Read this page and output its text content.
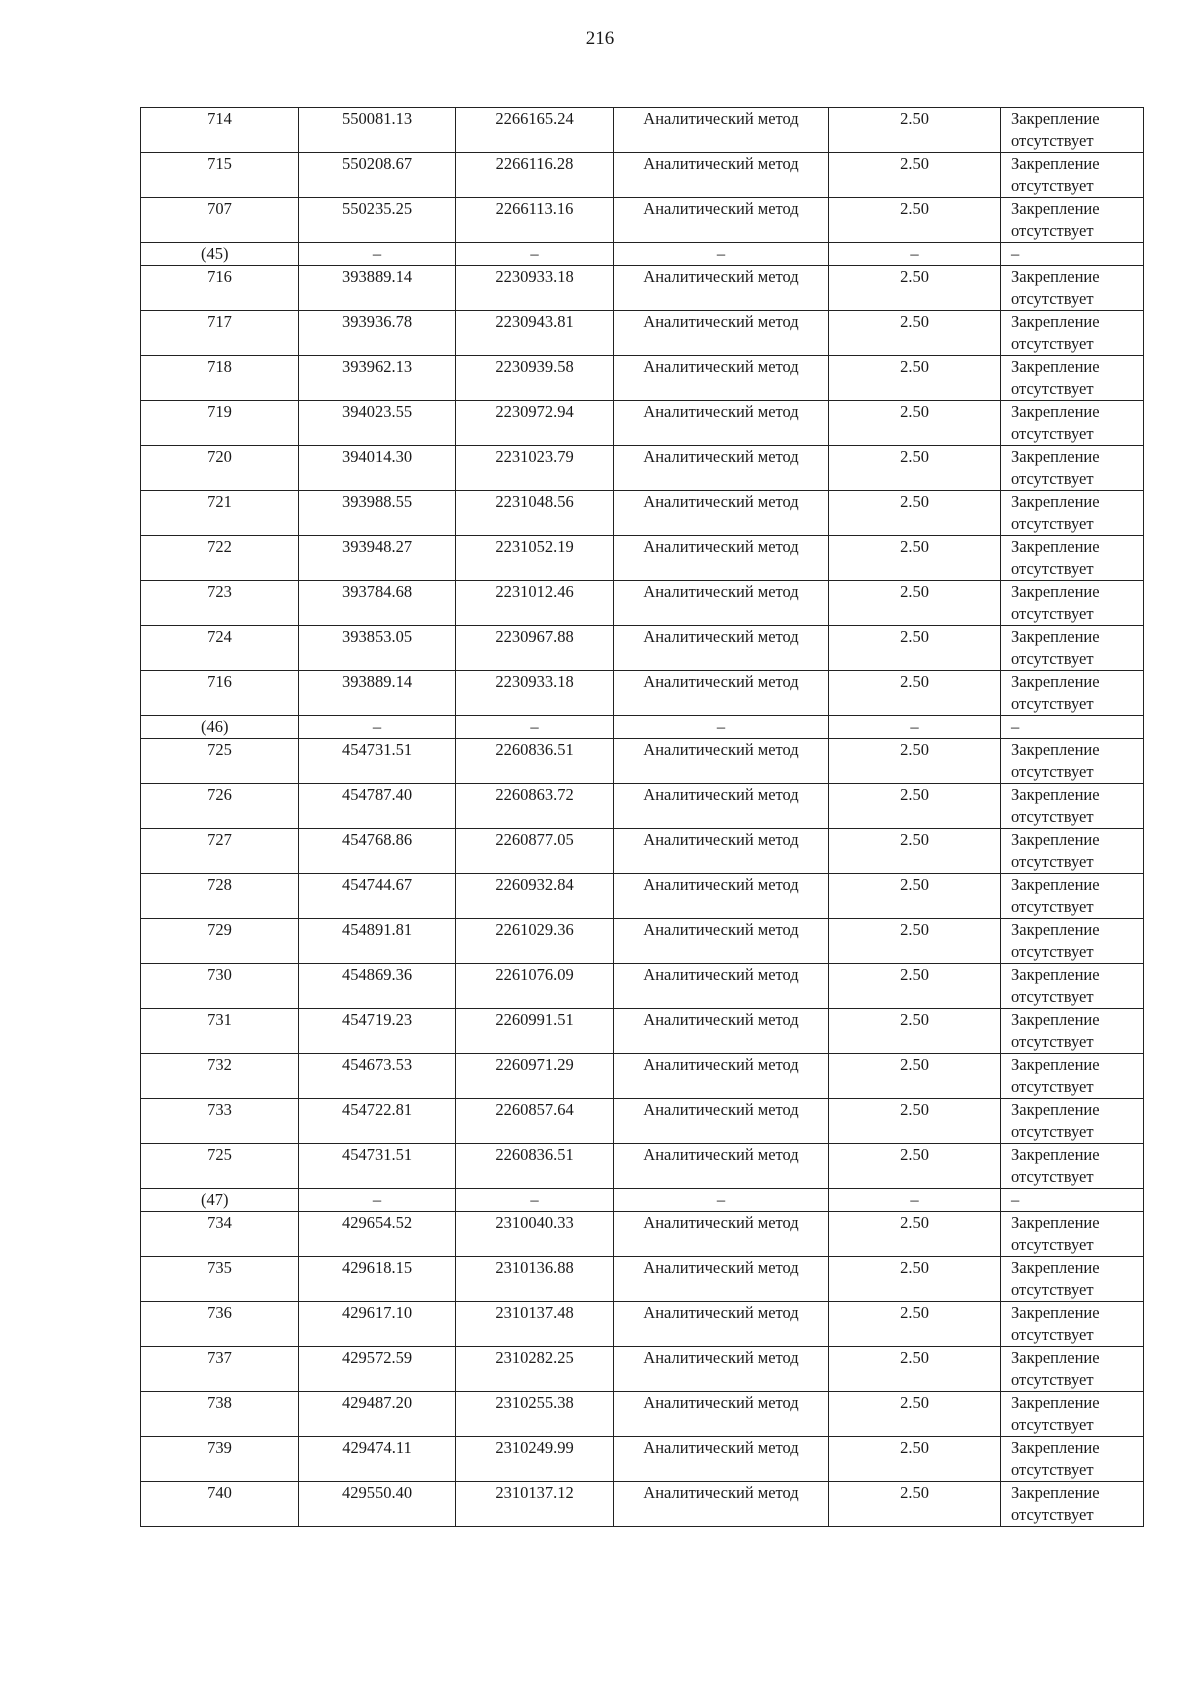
216
714	550081.13	2266165.24	Аналитический метод	2.50	Закрепление отсутствует
715	550208.67	2266116.28	Аналитический метод	2.50	Закрепление отсутствует
707	550235.25	2266113.16	Аналитический метод	2.50	Закрепление отсутствует
(45)	–	–	–	–	–
716	393889.14	2230933.18	Аналитический метод	2.50	Закрепление отсутствует
717	393936.78	2230943.81	Аналитический метод	2.50	Закрепление отсутствует
718	393962.13	2230939.58	Аналитический метод	2.50	Закрепление отсутствует
719	394023.55	2230972.94	Аналитический метод	2.50	Закрепление отсутствует
720	394014.30	2231023.79	Аналитический метод	2.50	Закрепление отсутствует
721	393988.55	2231048.56	Аналитический метод	2.50	Закрепление отсутствует
722	393948.27	2231052.19	Аналитический метод	2.50	Закрепление отсутствует
723	393784.68	2231012.46	Аналитический метод	2.50	Закрепление отсутствует
724	393853.05	2230967.88	Аналитический метод	2.50	Закрепление отсутствует
716	393889.14	2230933.18	Аналитический метод	2.50	Закрепление отсутствует
(46)	–	–	–	–	–
725	454731.51	2260836.51	Аналитический метод	2.50	Закрепление отсутствует
726	454787.40	2260863.72	Аналитический метод	2.50	Закрепление отсутствует
727	454768.86	2260877.05	Аналитический метод	2.50	Закрепление отсутствует
728	454744.67	2260932.84	Аналитический метод	2.50	Закрепление отсутствует
729	454891.81	2261029.36	Аналитический метод	2.50	Закрепление отсутствует
730	454869.36	2261076.09	Аналитический метод	2.50	Закрепление отсутствует
731	454719.23	2260991.51	Аналитический метод	2.50	Закрепление отсутствует
732	454673.53	2260971.29	Аналитический метод	2.50	Закрепление отсутствует
733	454722.81	2260857.64	Аналитический метод	2.50	Закрепление отсутствует
725	454731.51	2260836.51	Аналитический метод	2.50	Закрепление отсутствует
(47)	–	–	–	–	–
734	429654.52	2310040.33	Аналитический метод	2.50	Закрепление отсутствует
735	429618.15	2310136.88	Аналитический метод	2.50	Закрепление отсутствует
736	429617.10	2310137.48	Аналитический метод	2.50	Закрепление отсутствует
737	429572.59	2310282.25	Аналитический метод	2.50	Закрепление отсутствует
738	429487.20	2310255.38	Аналитический метод	2.50	Закрепление отсутствует
739	429474.11	2310249.99	Аналитический метод	2.50	Закрепление отсутствует
740	429550.40	2310137.12	Аналитический метод	2.50	Закрепление отсутствует
